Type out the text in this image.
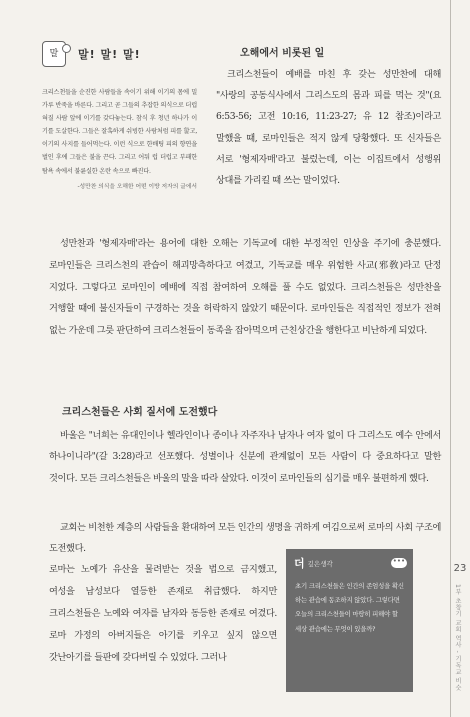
말	말! 말! 말!
크리스천들을 순진한 사람들을 속이기 위해 이기의 몸에 밀가루 반죽을 바른다. 그리고 곧 그들의 추잡한 의식으로 더럽혀질 사람 앞에 이기를 갖다놓는다. 참식 후 청년 하나가 이기를 도살한다. 그들은 잘혹하게 쉬빙한 사람처럼 피를 핥고, 이기의 사지를 들어먹는다. 이런 식으로 한배팅 피의 향연을 벌인 후에 그들은 불을 끈다. 그리고 어둬 럽 더럽고 부패한 탐욕 속에서 불륜실한 온란 속으로 빠진다.
-성만찬 의식을 오해한 어떤 이방 저자의 글에서
오해에서 비롯된 일

크리스천들이 예배를 마친 후 갖는 성만찬에 대해 "사랑의 공동식사에서 그리스도의 몸과 피를 먹는 것"(요 6:53-56; 고전 10:16, 11:23-27; 유 12 참조)이라고 말했을 때, 로마인들은 적지 않게 당황했다. 또 신자들은 서로 '형제자매'라고 불렀는데, 이는 이집트에서 성행위 상대를 가리킬 때 쓰는 말이었다.

성만찬과 '형제자매'라는 용어에 대한 오해는 기독교에 대한 부정적인 인상을 주기에 충분했다. 로마인들은 크리스천의 관습이 해괴망측하다고 여겼고, 기독교를 매우 위험한 사교(邪敎)라고 단정 지었다. 그렇다고 로마인이 예배에 직접 참여하여 오해를 풀 수도 없었다. 크리스천들은 성만찬을 거행할 때에 불신자들이 구경하는 것을 허락하지 않았기 때문이다. 로마인들은 직접적인 정보가 전혀 없는 가운데 그릇 판단하여 크리스천들이 동족을 잡아먹으며 근친상간을 행한다고 비난하게 되었다.

크리스천들은 사회 질서에 도전했다

바울은 "너희는 유대인이나 헬라인이나 종이나 자주자나 남자나 여자 없이 다 그리스도 예수 안에서 하나이니라"(갈 3:28)라고 선포했다. 성별이나 신분에 관계없이 모든 사람이 다 중요하다고 말한 것이다. 모든 크리스천들은 바울의 말을 따라 살았다. 이것이 로마인들의 심기를 매우 불편하게 했다.

교회는 비천한 계층의 사람들을 환대하여 모든 인간의 생명을 귀하게 여김으로써 로마의 사회 구조에 도전했다.

로마는 노예가 유산을 물려받는 것을 법으로 금지했고, 여성을 남성보다 열등한 존재로 취급했다. 하지만 크리스천들은 노예와 여자를 남자와 동등한 존재로 여겼다. 로마 가정의 아버지들은 아기를 키우고 싶지 않으면 갓난아기를 들판에 갖다버릴 수 있었다. 그러나

더 깊은생각	•••
초기 크리스천들은 인간의 존엄성을 확신하는 관습에 동조하지 않았다. 그렇다면 오늘의 크리스천들이 마땅히 피해야 할 세상 관습에는 무엇이 있을까?
23
1부 초창기 교회 역사 - 기독교 비슷
